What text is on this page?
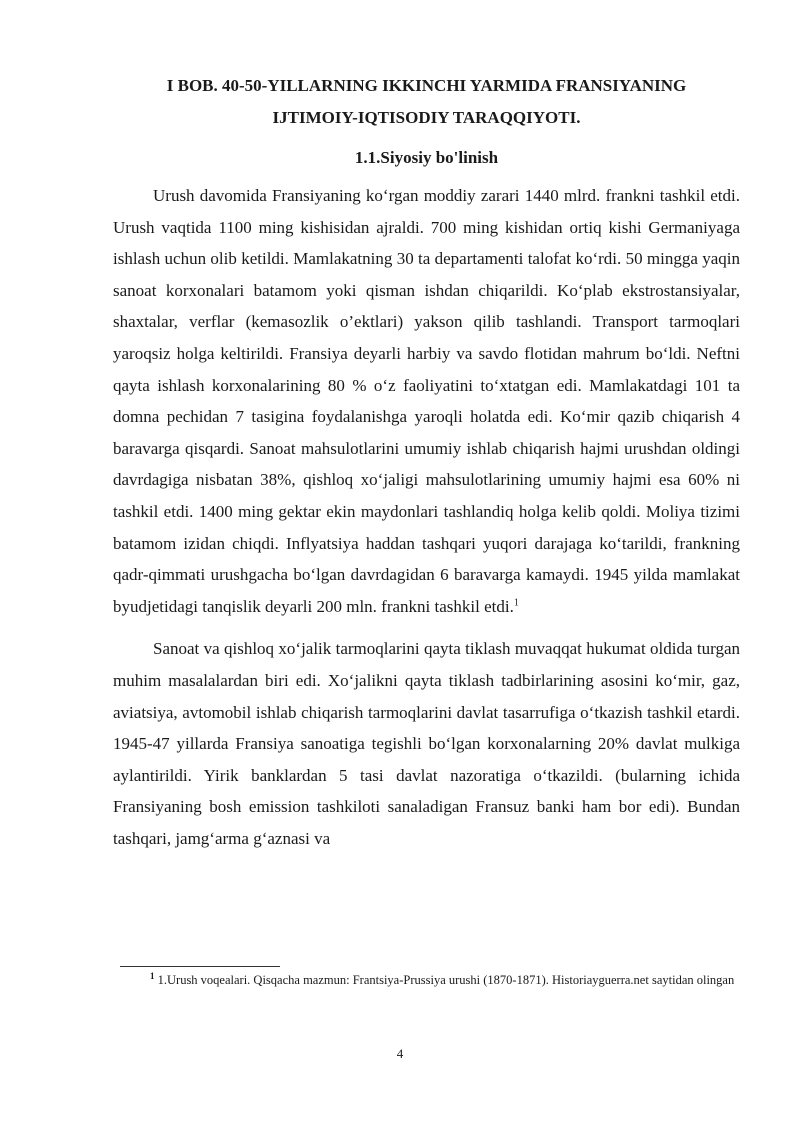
I BOB. 40-50-YILLARNING IKKINCHI YARMIDA FRANSIYANING
IJTIMOIY-IQTISODIY TARAQQIYOTI.
1.1.Siyosiy bo'linish

Urush davomida Fransiyaning ko‘rgan moddiy zarari 1440 mlrd. frankni tashkil etdi. Urush vaqtida 1100 ming kishisidan ajraldi. 700 ming kishidan ortiq kishi Germaniyaga ishlash uchun olib ketildi. Mamlakatning 30 ta departamenti talofat ko‘rdi. 50 mingga yaqin sanoat korxonalari batamom yoki qisman ishdan chiqarildi. Ko‘plab ekstrostansiyalar, shaxtalar, verflar (kemasozlik o’ektlari) yakson qilib tashlandi. Transport tarmoqlari yaroqsiz holga keltirildi. Fransiya deyarli harbiy va savdo flotidan mahrum bo‘ldi. Neftni qayta ishlash korxonalarining 80 % o‘z faoliyatini to‘xtatgan edi. Mamlakatdagi 101 ta domna pechidan 7 tasigina foydalanishga yaroqli holatda edi. Ko‘mir qazib chiqarish 4 baravarga qisqardi. Sanoat mahsulotlarini umumiy ishlab chiqarish hajmi urushdan oldingi davrdagiga nisbatan 38%, qishloq xo‘jaligi mahsulotlarining umumiy hajmi esa 60% ni tashkil etdi. 1400 ming gektar ekin maydonlari tashlandiq holga kelib qoldi. Moliya tizimi batamom izidan chiqdi. Inflyatsiya haddan tashqari yuqori darajaga ko‘tarildi, frankning qadr-qimmati urushgacha bo‘lgan davrdagidan 6 baravarga kamaydi. 1945 yilda mamlakat byudjetidagi tanqislik deyarli 200 mln. frankni tashkil etdi.$^1$

Sanoat va qishloq xo‘jalik tarmoqlarini qayta tiklash muvaqqat hukumat oldida turgan muhim masalalardan biri edi. Xo‘jalikni qayta tiklash tadbirlarining asosini ko‘mir, gaz, aviatsiya, avtomobil ishlab chiqarish tarmoqlarini davlat tasarrufiga o‘tkazish tashkil etardi. 1945-47 yillarda Fransiya sanoatiga tegishli bo‘lgan korxonalarning 20% davlat mulkiga aylantirildi. Yirik banklardan 5 tasi davlat nazoratiga o‘tkazildi. (bularning ichida Fransiyaning bosh emission tashkiloti sanaladigan Fransuz banki ham bor edi). Bundan tashqari, jamg‘arma g‘aznasi va

$^1$ 1.Urush voqealari. Qisqacha mazmun: Frantsiya-Prussiya urushi (1870-1871). Historiayguerra.net saytidan olingan
4
